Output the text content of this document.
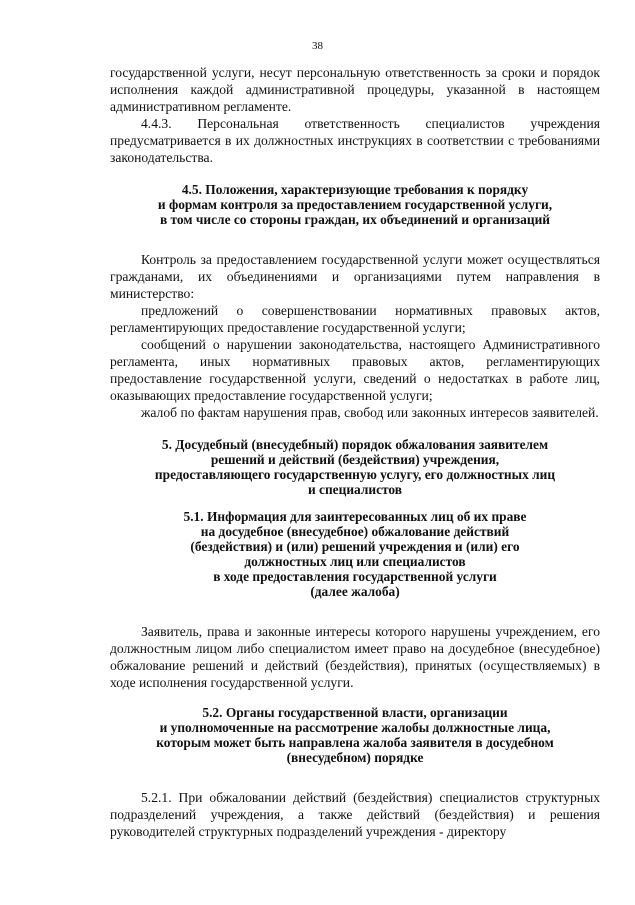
38

государственной услуги, несут персональную ответственность за сроки и порядок исполнения каждой административной процедуры, указанной в настоящем административном регламенте.

4.4.3. Персональная ответственность специалистов учреждения предусматривается в их должностных инструкциях в соответствии с требованиями законодательства.

4.5. Положения, характеризующие требования к порядку

и формам контроля за предоставлением государственной услуги,

в том числе со стороны граждан, их объединений и организаций

Контроль за предоставлением государственной услуги может осуществляться гражданами, их объединениями и организациями путем направления в министерство:

предложений о совершенствовании нормативных правовых актов, регламентирующих предоставление государственной услуги;

сообщений о нарушении законодательства, настоящего Административного регламента, иных нормативных правовых актов, регламентирующих предоставление государственной услуги, сведений о недостатках в работе лиц, оказывающих предоставление государственной услуги;

жалоб по фактам нарушения прав, свобод или законных интересов заявителей.

5. Досудебный (внесудебный) порядок обжалования заявителем

решений и действий (бездействия) учреждения,

предоставляющего государственную услугу, его должностных лиц

и специалистов

5.1. Информация для заинтересованных лиц об их праве

на досудебное (внесудебное) обжалование действий

(бездействия) и (или) решений учреждения и (или) его

должностных лиц или специалистов

в ходе предоставления государственной услуги

(далее жалоба)

Заявитель, права и законные интересы которого нарушены учреждением, его должностным лицом либо специалистом имеет право на досудебное (внесудебное) обжалование решений и действий (бездействия), принятых (осуществляемых) в ходе исполнения государственной услуги.

5.2. Органы государственной власти, организации

и уполномоченные на рассмотрение жалобы должностные лица,

которым может быть направлена жалоба заявителя в досудебном

(внесудебном) порядке

5.2.1. При обжаловании действий (бездействия) специалистов структурных подразделений учреждения, а также действий (бездействия) и решения руководителей структурных подразделений учреждения - директору
